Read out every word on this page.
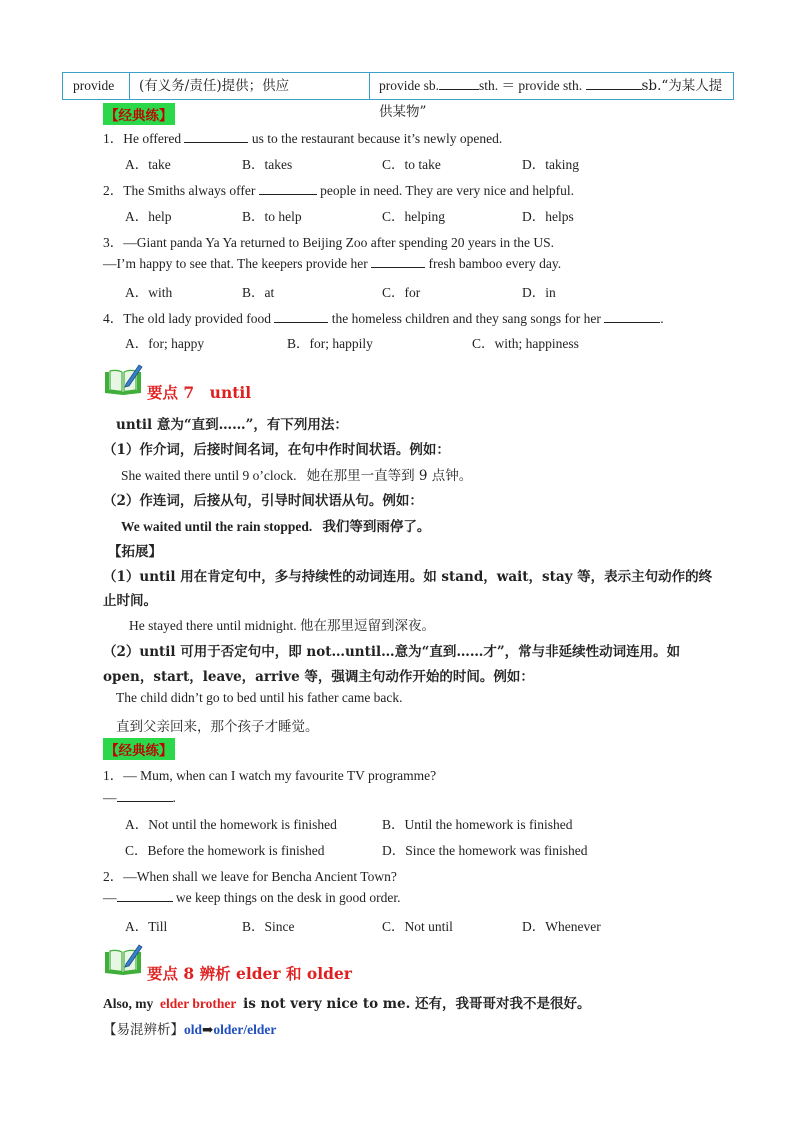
provide	(有义务/责任)提供；供应	provide sb.	sth. ＝ provide sth.	sb.“为某人提供某物”
【经典练】
1．He offered	us to the restaurant because it’s newly opened.
A．take	B．takes	C．to take	D．taking
2．The Smiths always offer	people in need. They are very nice and helpful.
A．help	B．to help	C．helping	D．helps
3．—Giant panda Ya Ya returned to Beijing Zoo after spending 20 years in the US.
—I’m happy to see that. The keepers provide her	fresh bamboo every day.
A．with	B．at	C．for	D．in
4．The old lady provided food	the homeless children and they sang songs for her	.
A．for; happy	B．for; happily	C．with; happiness
要点 7　until
until 意为“直到……”，有下列用法：
（1）作介词，后接时间名词，在句中作时间状语。例如：
She waited there until 9 o’clock. 她在那里一直等到 9 点钟。
（2）作连词，后接从句，引导时间状语从句。例如：
We waited until the rain stopped. 我们等到雨停了。
【拓展】
（1）until 用在肯定句中，多与持续性的动词连用。如 stand，wait，stay 等，表示主句动作的终
止时间。
He stayed there until midnight. 他在那里逗留到深夜。
（2）until 可用于否定句中，即 not…until…意为“直到……才”，常与非延续性动词连用。如
open，start，leave，arrive 等，强调主句动作开始的时间。例如：
The child didn’t go to bed until his father came back.
直到父亲回来，那个孩子才睡觉。
【经典练】
1．— Mum, when can I watch my favourite TV programme?
—	.
A．Not until the homework is finished	B．Until the homework is finished
C．Before the homework is finished	D．Since the homework was finished
2．—When shall we leave for Bencha Ancient Town?
—	we keep things on the desk in good order.
A．Till	B．Since	C．Not until	D．Whenever
要点 8 辨析 elder 和 older
Also, my elder brother is not very nice to me. 还有，我哥哥对我不是很好。
【易混辨析】old➡older/elder
